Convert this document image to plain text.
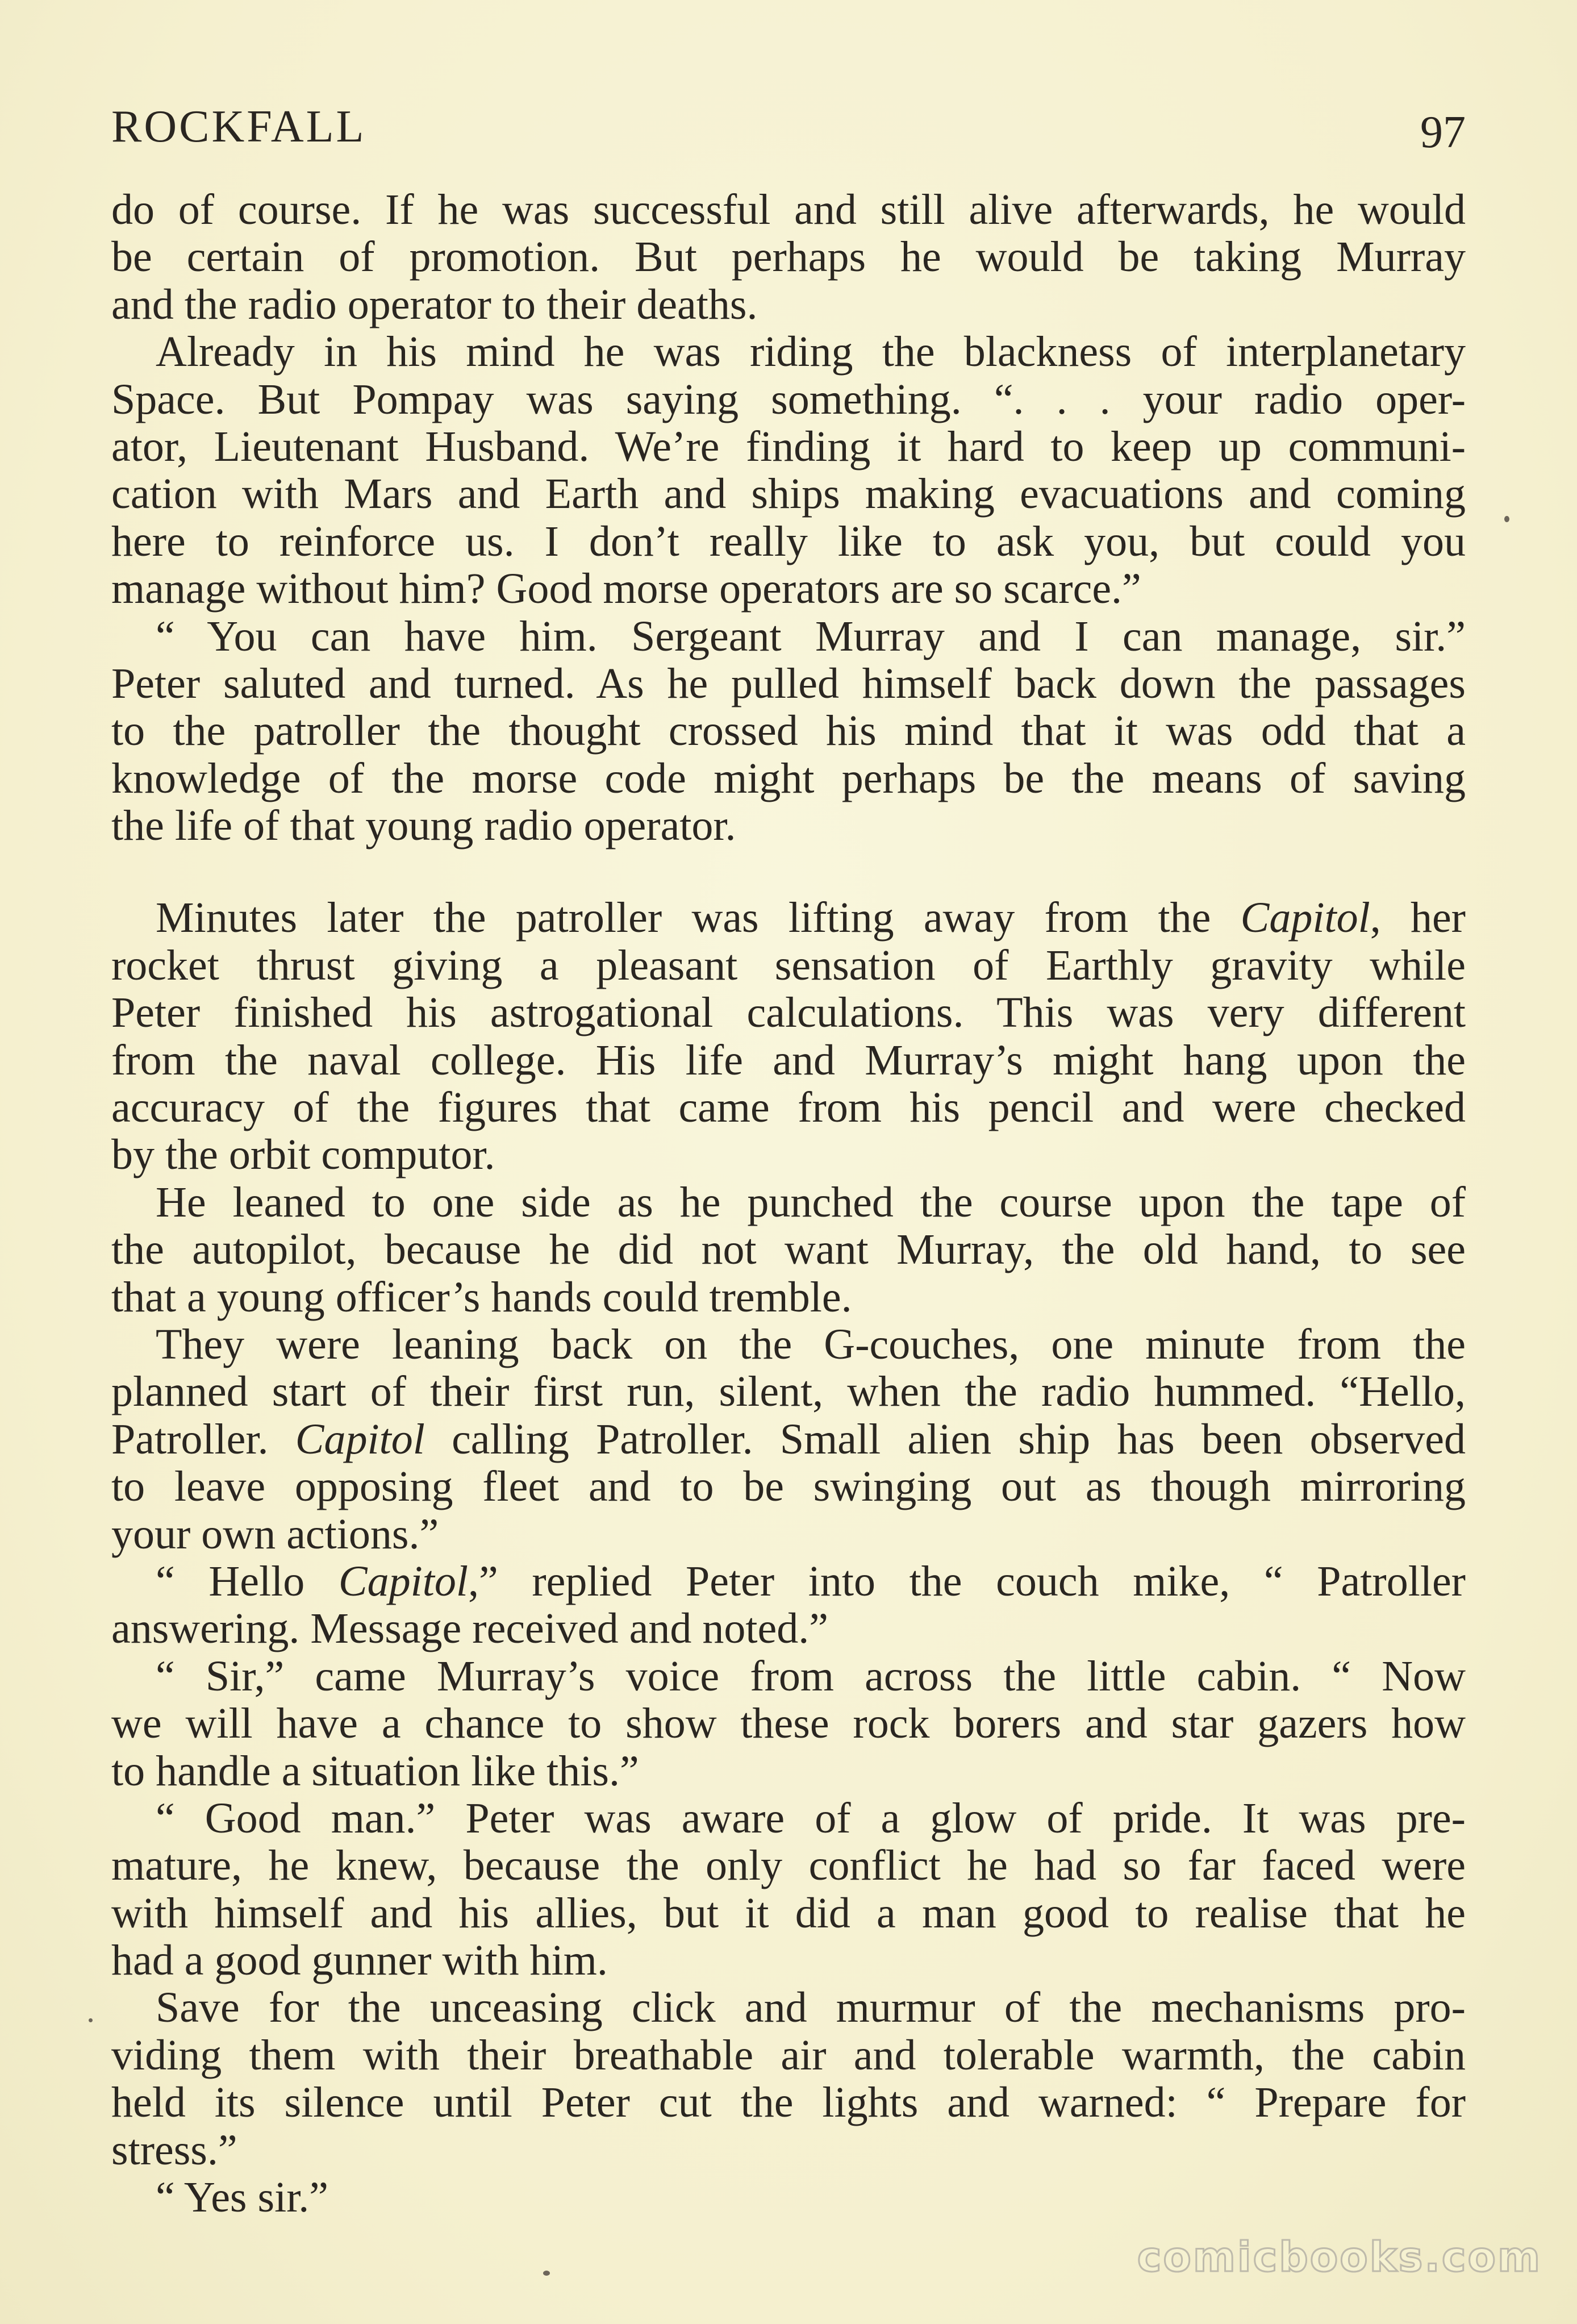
ROCKFALL	97
do of course. If he was successful and still alive afterwards, he would
be certain of promotion. But perhaps he would be taking Murray
and the radio operator to their deaths.
Already in his mind he was riding the blackness of interplanetary
Space. But Pompay was saying something. “. . . your radio oper-
ator, Lieutenant Husband. We’re finding it hard to keep up communi-
cation with Mars and Earth and ships making evacuations and coming
here to reinforce us. I don’t really like to ask you, but could you
manage without him? Good morse operators are so scarce.”
“ You can have him. Sergeant Murray and I can manage, sir.”
Peter saluted and turned. As he pulled himself back down the passages
to the patroller the thought crossed his mind that it was odd that a
knowledge of the morse code might perhaps be the means of saving
the life of that young radio operator.
Minutes later the patroller was lifting away from the Capitol, her
rocket thrust giving a pleasant sensation of Earthly gravity while
Peter finished his astrogational calculations. This was very different
from the naval college. His life and Murray’s might hang upon the
accuracy of the figures that came from his pencil and were checked
by the orbit computor.
He leaned to one side as he punched the course upon the tape of
the autopilot, because he did not want Murray, the old hand, to see
that a young officer’s hands could tremble.
They were leaning back on the G-couches, one minute from the
planned start of their first run, silent, when the radio hummed. “Hello,
Patroller. Capitol calling Patroller. Small alien ship has been observed
to leave opposing fleet and to be swinging out as though mirroring
your own actions.”
“ Hello Capitol,” replied Peter into the couch mike, “ Patroller
answering. Message received and noted.”
“ Sir,” came Murray’s voice from across the little cabin. “ Now
we will have a chance to show these rock borers and star gazers how
to handle a situation like this.”
“ Good man.” Peter was aware of a glow of pride. It was pre-
mature, he knew, because the only conflict he had so far faced were
with himself and his allies, but it did a man good to realise that he
had a good gunner with him.
Save for the unceasing click and murmur of the mechanisms pro-
viding them with their breathable air and tolerable warmth, the cabin
held its silence until Peter cut the lights and warned: “ Prepare for
stress.”
“ Yes sir.”
comicbooks.com
